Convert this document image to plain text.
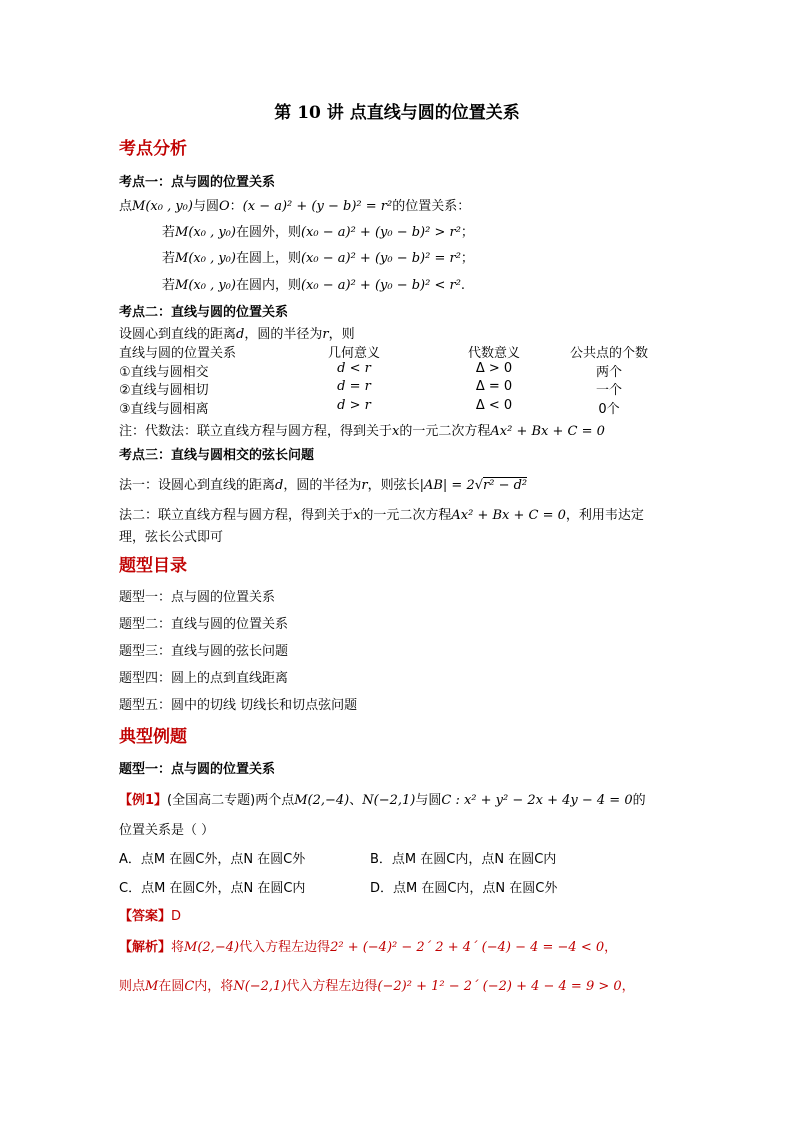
第 10 讲 点直线与圆的位置关系
考点分析
考点一：点与圆的位置关系
点M(x₀ , y₀)与圆O：(x − a)² + (y − b)² = r²的位置关系：
若M(x₀ , y₀)在圆外，则(x₀ − a)² + (y₀ − b)² > r²；
若M(x₀ , y₀)在圆上，则(x₀ − a)² + (y₀ − b)² = r²；
若M(x₀ , y₀)在圆内，则(x₀ − a)² + (y₀ − b)² < r².
考点二：直线与圆的位置关系
设圆心到直线的距离d，圆的半径为r，则
直线与圆的位置关系	几何意义	代数意义	公共点的个数
①直线与圆相交	d < r	Δ > 0	两个
②直线与圆相切	d = r	Δ = 0	一个
③直线与圆相离	d > r	Δ < 0	0个
注：代数法：联立直线方程与圆方程，得到关于x的一元二次方程Ax² + Bx + C = 0
考点三：直线与圆相交的弦长问题
法一：设圆心到直线的距离d，圆的半径为r，则弦长|AB| = 2√r² − d²
法二：联立直线方程与圆方程，得到关于x的一元二次方程Ax² + Bx + C = 0，利用韦达定
理，弦长公式即可
题型目录
题型一：点与圆的位置关系
题型二：直线与圆的位置关系
题型三：直线与圆的弦长问题
题型四：圆上的点到直线距离
题型五：圆中的切线 切线长和切点弦问题
典型例题
题型一：点与圆的位置关系
【例1】(全国高二专题)两个点M(2,−4)、N(−2,1)与圆C : x² + y² − 2x + 4y − 4 = 0的
位置关系是（ ）
A．点M 在圆C外，点N 在圆C外	B．点M 在圆C内，点N 在圆C内
C．点M 在圆C外，点N 在圆C内	D．点M 在圆C内，点N 在圆C外
【答案】D
【解析】将M(2,−4)代入方程左边得2² + (−4)² − 2´ 2 + 4´ (−4) − 4 = −4 < 0，
则点M在圆C内，将N(−2,1)代入方程左边得(−2)² + 1² − 2´ (−2) + 4 − 4 = 9 > 0，
